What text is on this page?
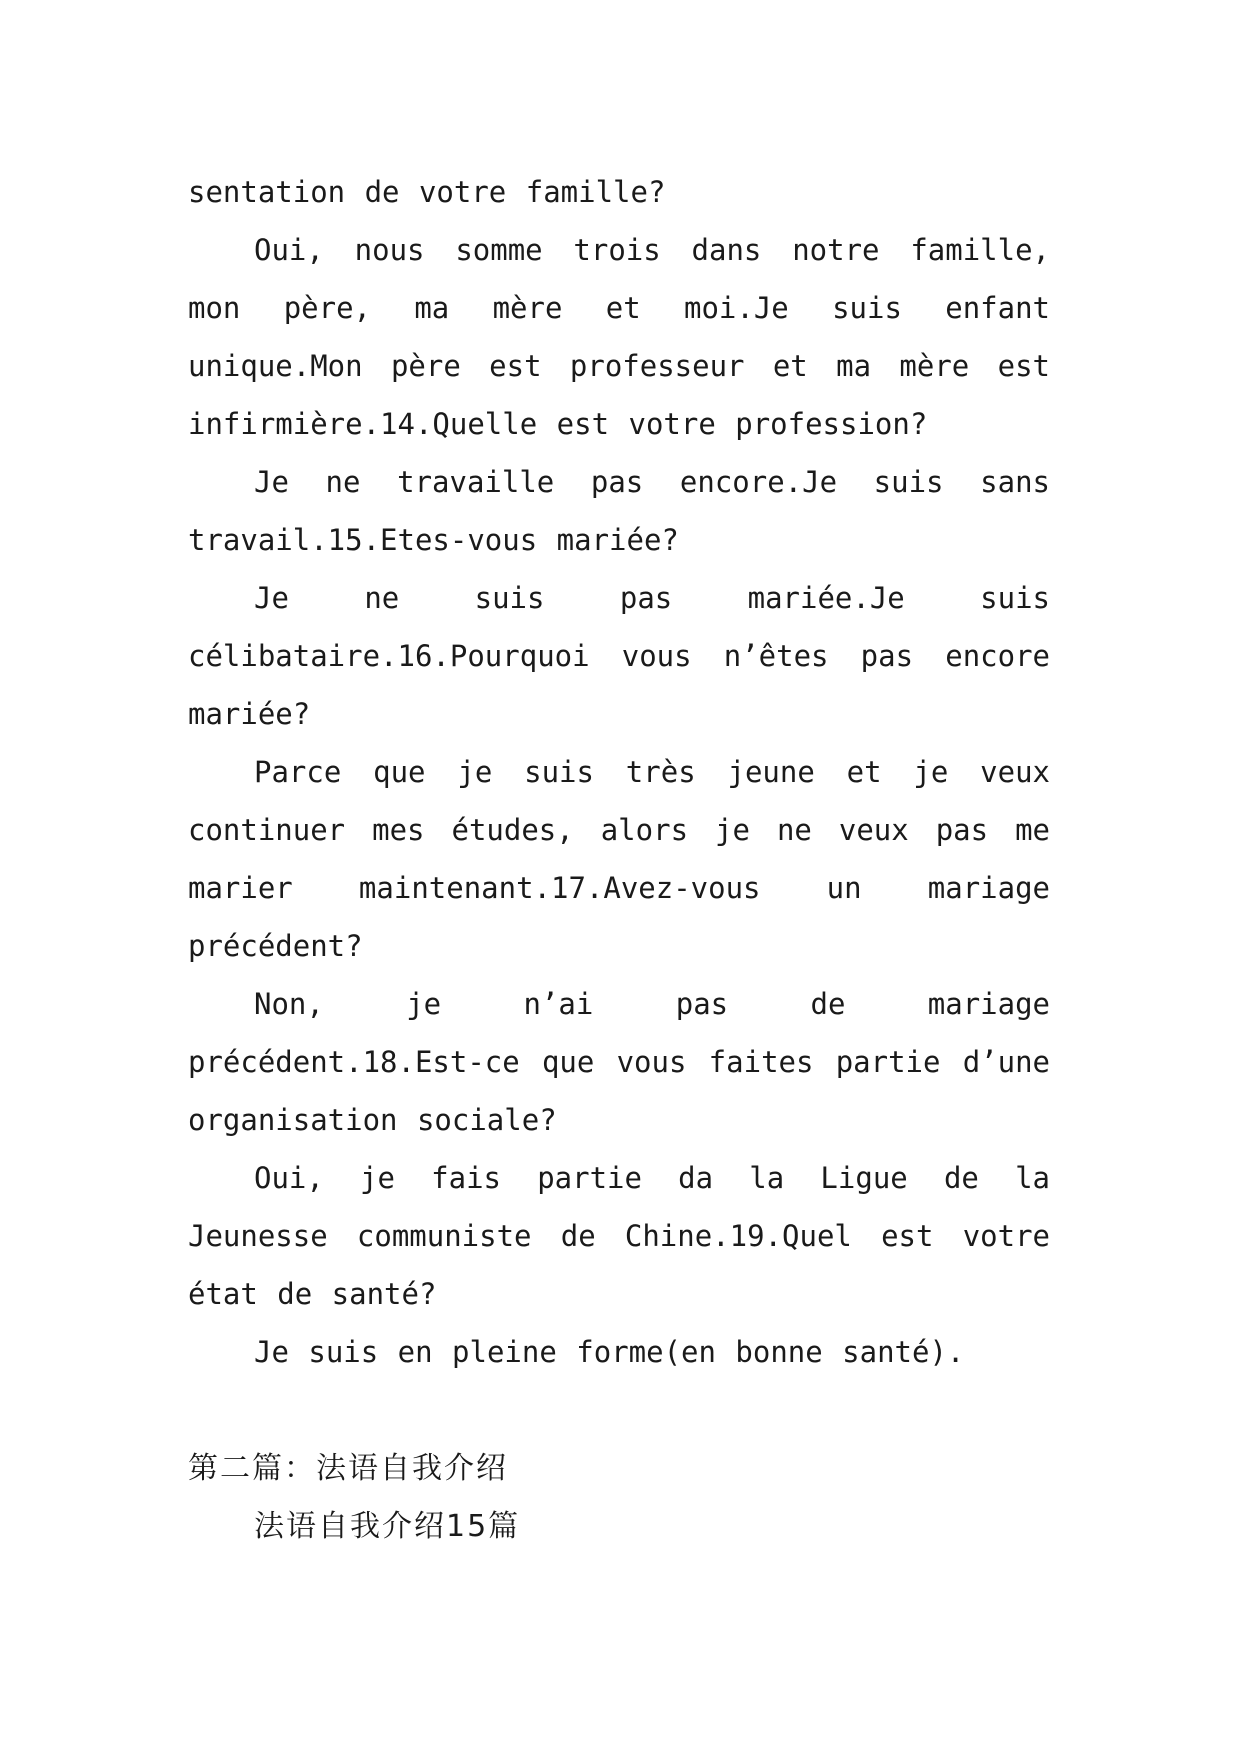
sentation de votre famille?

Oui, nous somme trois dans notre famille, mon père, ma mère et moi.Je suis enfant unique.Mon père est professeur et ma mère est infirmière.14.Quelle est votre profession?

Je ne travaille pas encore.Je suis sans travail.15.Etes-vous mariée?

Je ne suis pas mariée.Je suis célibataire.16.Pourquoi vous n’êtes pas encore mariée?

Parce que je suis très jeune et je veux continuer mes études, alors je ne veux pas me marier maintenant.17.Avez-vous un mariage précédent?

Non, je n’ai pas de mariage précédent.18.Est-ce que vous faites partie d’une organisation sociale?

Oui, je fais partie da la Ligue de la Jeunesse communiste de Chine.19.Quel est votre état de santé?

Je suis en pleine forme(en bonne santé).

第二篇：法语自我介绍

法语自我介绍15篇
